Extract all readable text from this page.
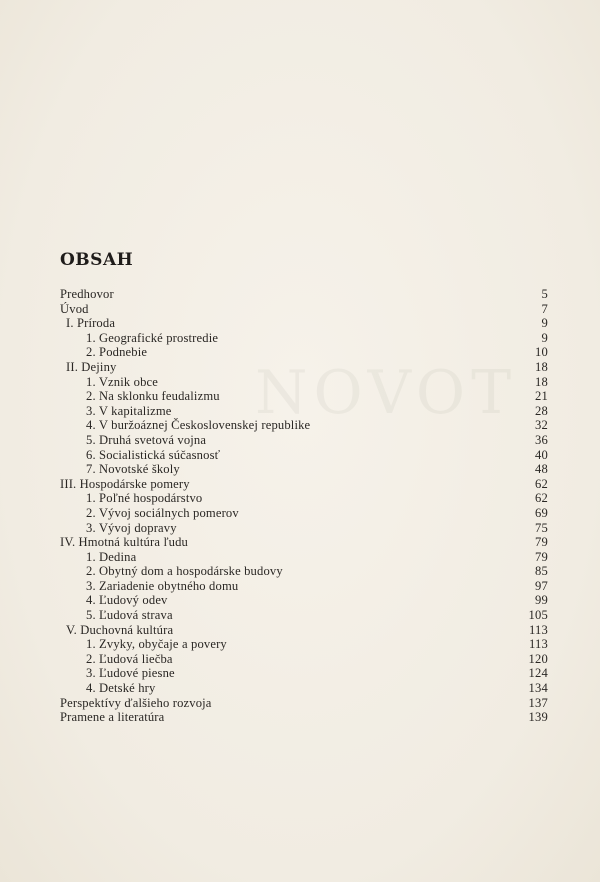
NOVOT
OBSAH
Predhovor	5
Úvod	7
I. Príroda	9
1. Geografické prostredie	9
2. Podnebie	10
II. Dejiny	18
1. Vznik obce	18
2. Na sklonku feudalizmu	21
3. V kapitalizme	28
4. V buržoáznej Československej republike	32
5. Druhá svetová vojna	36
6. Socialistická súčasnosť	40
7. Novotské školy	48
III. Hospodárske pomery	62
1. Poľné hospodárstvo	62
2. Vývoj sociálnych pomerov	69
3. Vývoj dopravy	75
IV. Hmotná kultúra ľudu	79
1. Dedina	79
2. Obytný dom a hospodárske budovy	85
3. Zariadenie obytného domu	97
4. Ľudový odev	99
5. Ľudová strava	105
V. Duchovná kultúra	113
1. Zvyky, obyčaje a povery	113
2. Ľudová liečba	120
3. Ľudové piesne	124
4. Detské hry	134
Perspektívy ďalšieho rozvoja	137
Pramene a literatúra	139
